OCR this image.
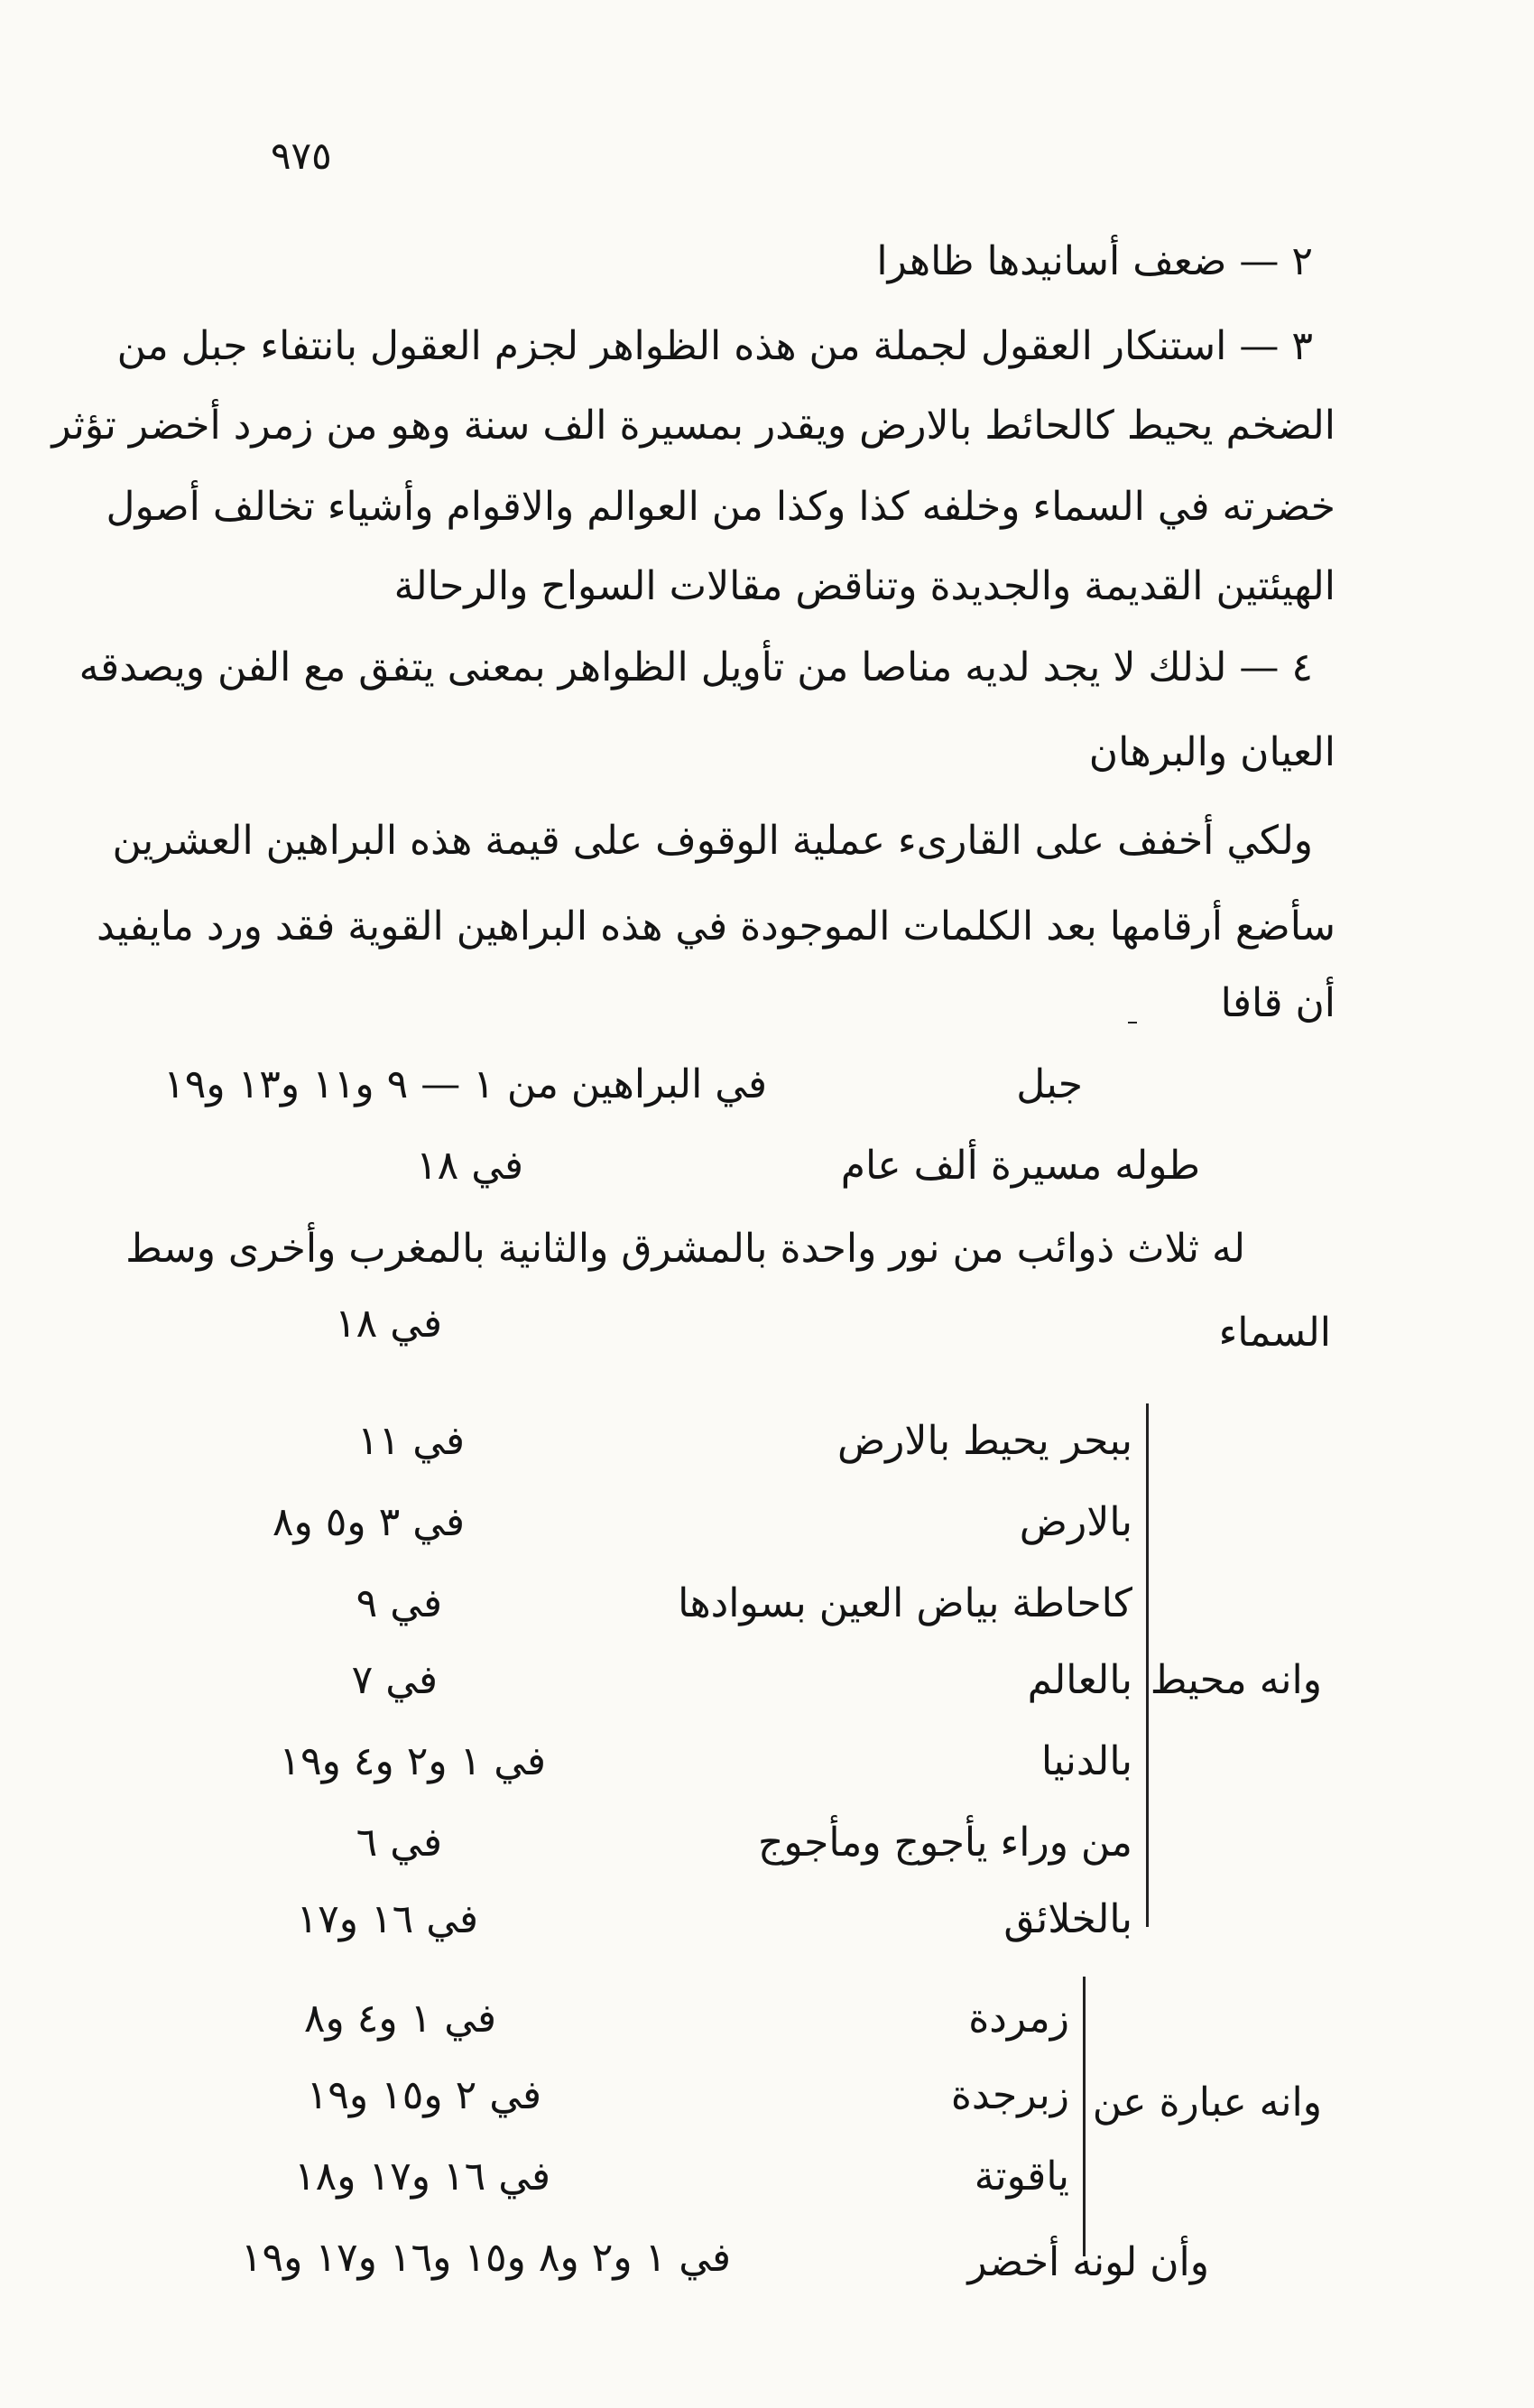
٩٧٥
٢ — ضعف أسانيدها ظاهرا
٣ — استنكار العقول لجملة من هذه الظواهر لجزم العقول بانتفاء جبل من
الضخم يحيط كالحائط بالارض ويقدر بمسيرة الف سنة وهو من زمرد أخضر تؤثر
خضرته في السماء وخلفه كذا وكذا من العوالم والاقوام وأشياء تخالف أصول
الهيئتين القديمة والجديدة وتناقض مقالات السواح والرحالة
٤ — لذلك لا يجد لديه مناصا من تأويل الظواهر بمعنى يتفق مع الفن ويصدقه
العيان والبرهان
ولكي أخفف على القارىء عملية الوقوف على قيمة هذه البراهين العشرين
سأضع أرقامها بعد الكلمات الموجودة في هذه البراهين القوية فقد ورد مايفيد
أن قافا
جبل
في البراهين من ١ — ٩ و١١ و١٣ و١٩
طوله مسيرة ألف عام
في ١٨
له ثلاث ذوائب من نور واحدة بالمشرق والثانية بالمغرب وأخرى وسط
السماء
في ١٨
وانه محيط
ببحر يحيط بالارض
في ١١
بالارض
في ٣ و٥ و٨
كاحاطة بياض العين بسوادها
في ٩
بالعالم
في ٧
بالدنيا
في ١ و٢ و٤ و١٩
من وراء يأجوج ومأجوج
في ٦
بالخلائق
في ١٦ و١٧
وانه عبارة عن
زمردة
في ١ و٤ و٨
زبرجدة
في ٢ و١٥ و١٩
ياقوتة
في ١٦ و١٧ و١٨
وأن لونه أخضر
في ١ و٢ و٨ و١٥ و١٦ و١٧ و١٩
